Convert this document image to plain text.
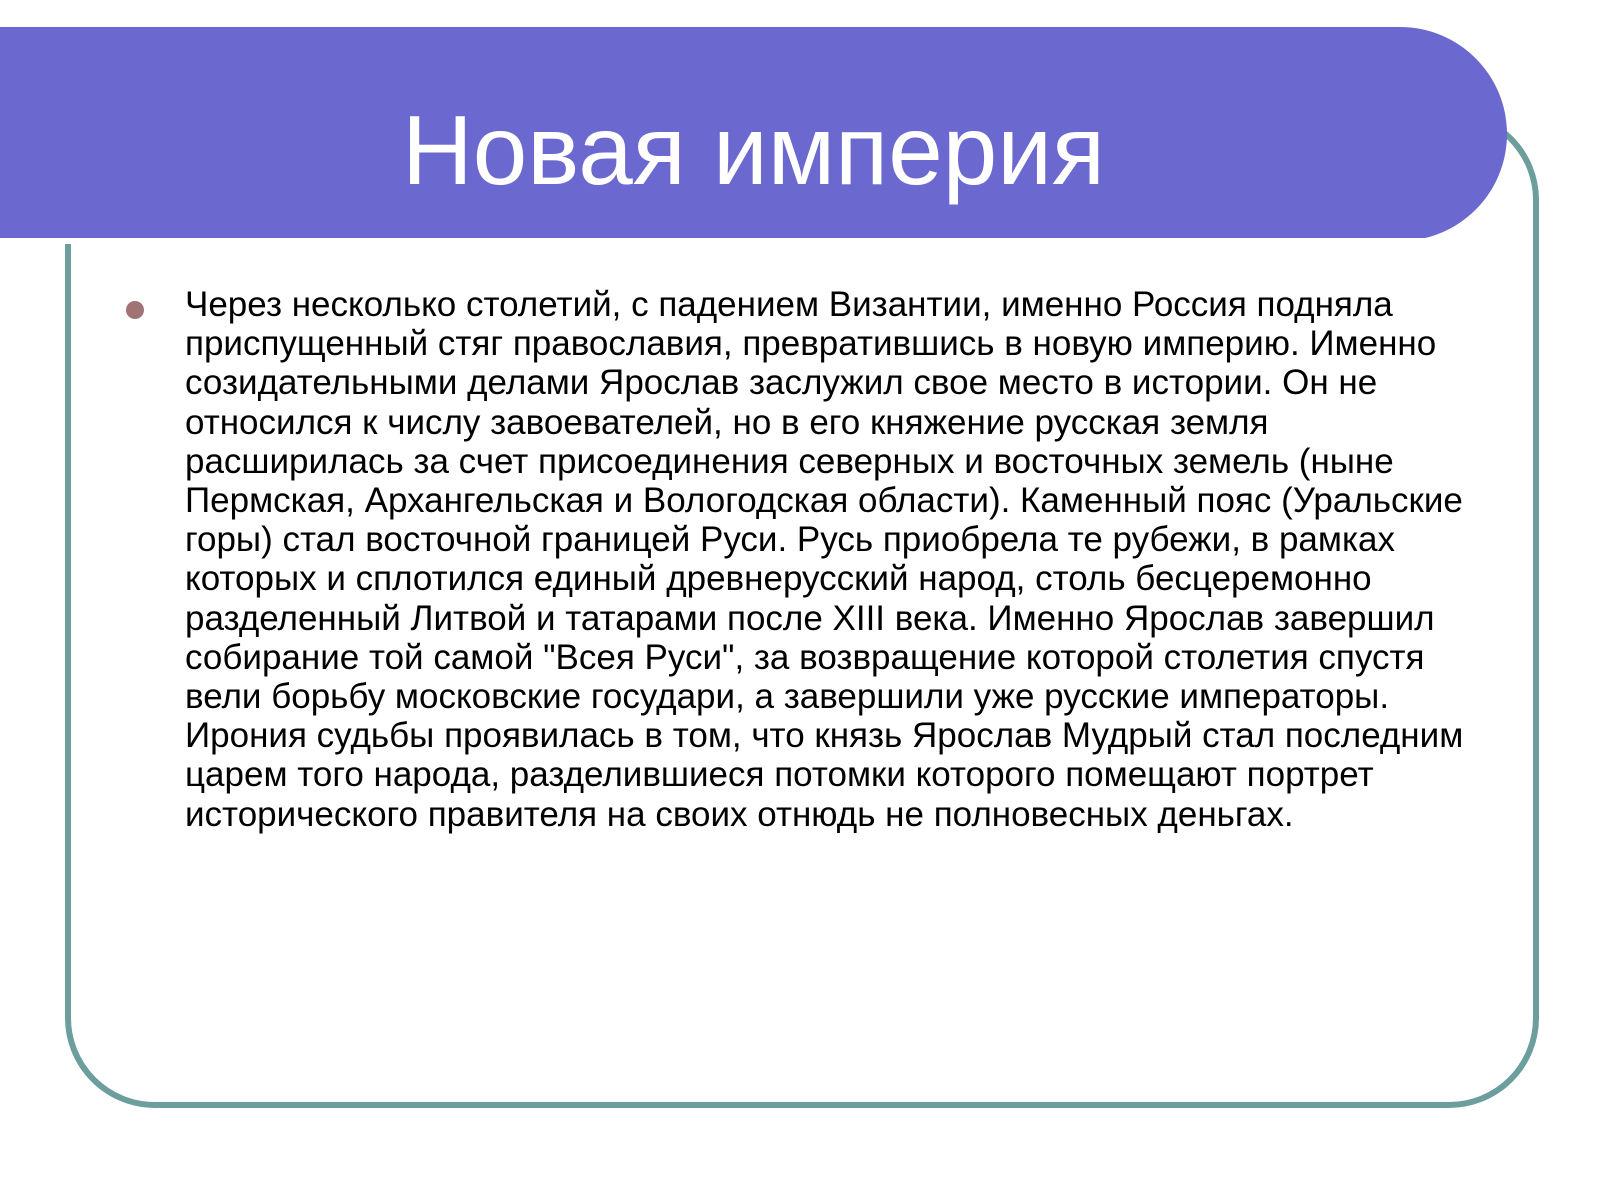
Новая империя

Через несколько столетий, с падением Византии, именно Россия подняла приспущенный стяг православия, превратившись в новую империю. Именно созидательными делами Ярослав заслужил свое место в истории. Он не относился к числу завоевателей, но в его княжение русская земля расширилась за счет присоединения северных и восточных земель (ныне Пермская, Архангельская и Вологодская области). Каменный пояс (Уральские горы) стал восточной границей Руси. Русь приобрела те рубежи, в рамках которых и сплотился единый древнерусский народ, столь бесцеремонно разделенный Литвой и татарами после XIII века. Именно Ярослав завершил собирание той самой "Всея Руси", за возвращение которой столетия спустя вели борьбу московские государи, а завершили уже русские императоры. Ирония судьбы проявилась в том, что князь Ярослав Мудрый стал последним царем того народа, разделившиеся потомки которого помещают портрет исторического правителя на своих отнюдь не полновесных деньгах.
